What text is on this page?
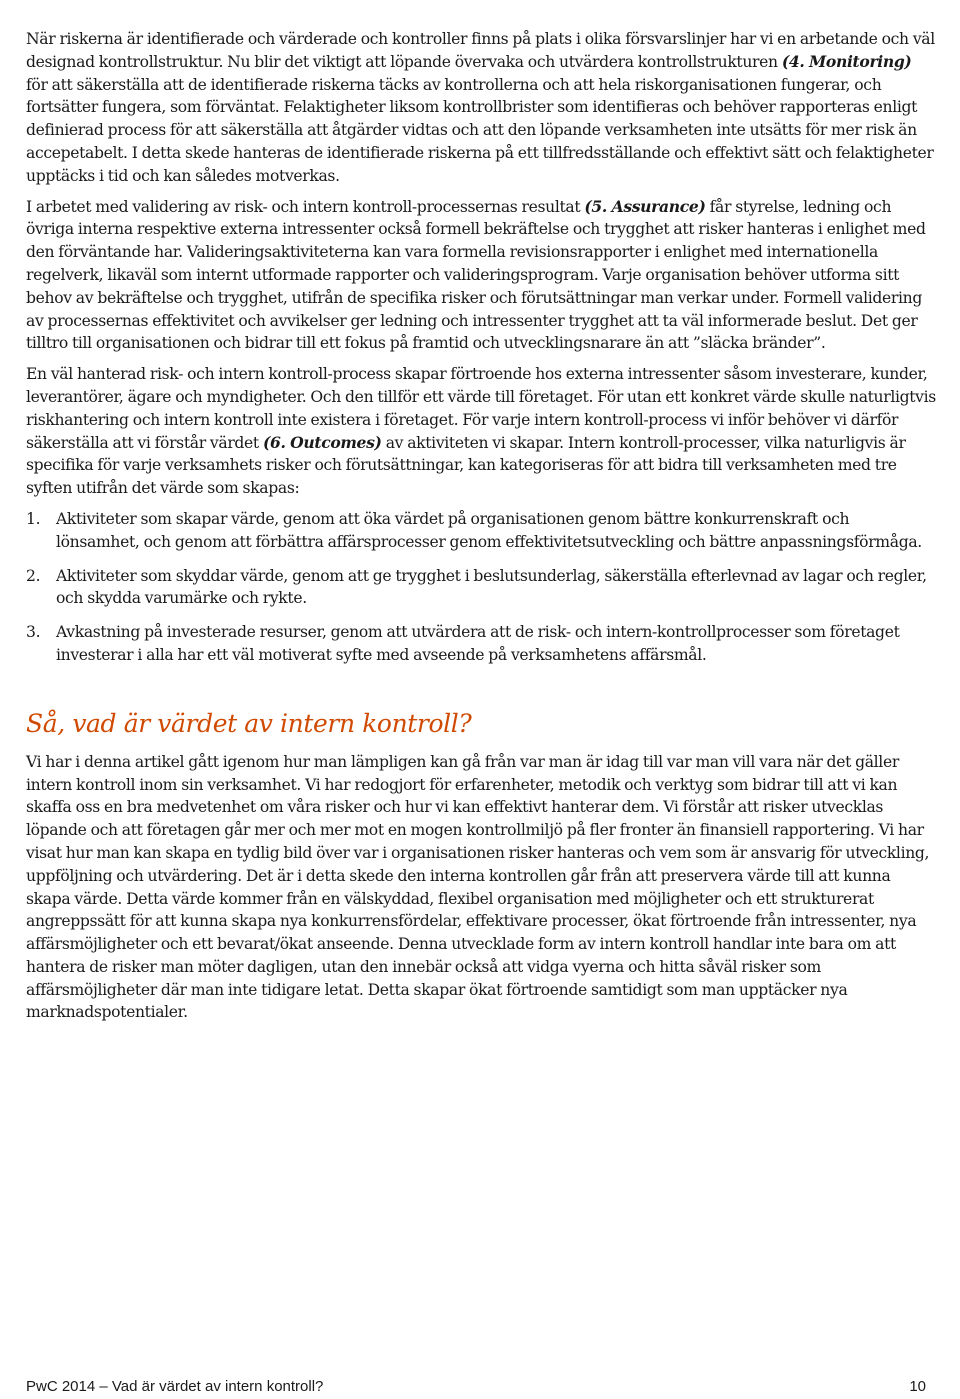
När riskerna är identifierade och värderade och kontroller finns på plats i olika försvarslinjer har vi en arbetande och väl designad kontrollstruktur. Nu blir det viktigt att löpande övervaka och utvärdera kontrollstrukturen (4. Monitoring) för att säkerställa att de identifierade riskerna täcks av kontrollerna och att hela riskorganisationen fungerar, och fortsätter fungera, som förväntat. Felaktigheter liksom kontrollbrister som identifieras och behöver rapporteras enligt definierad process för att säkerställa att åtgärder vidtas och att den löpande verksamheten inte utsätts för mer risk än accepetabelt. I detta skede hanteras de identifierade riskerna på ett tillfredsställande och effektivt sätt och felaktigheter upptäcks i tid och kan således motverkas.

I arbetet med validering av risk- och intern kontroll-processernas resultat (5. Assurance) får styrelse, ledning och övriga interna respektive externa intressenter också formell bekräftelse och trygghet att risker hanteras i enlighet med den förväntande har. Valideringsaktiviteterna kan vara formella revisionsrapporter i enlighet med internationella regelverk, likaväl som internt utformade rapporter och valideringsprogram. Varje organisation behöver utforma sitt behov av bekräftelse och trygghet, utifrån de specifika risker och förutsättningar man verkar under. Formell validering av processernas effektivitet och avvikelser ger ledning och intressenter trygghet att ta väl informerade beslut. Det ger tilltro till organisationen och bidrar till ett fokus på framtid och utvecklingsnarare än att ”släcka bränder”.

En väl hanterad risk- och intern kontroll-process skapar förtroende hos externa intressenter såsom investerare, kunder, leverantörer, ägare och myndigheter. Och den tillför ett värde till företaget. För utan ett konkret värde skulle naturligtvis riskhantering och intern kontroll inte existera i företaget. För varje intern kontroll-process vi inför behöver vi därför säkerställa att vi förstår värdet (6. Outcomes) av aktiviteten vi skapar. Intern kontroll-processer, vilka naturligvis är specifika för varje verksamhets risker och förutsättningar, kan kategoriseras för att bidra till verksamheten med tre syften utifrån det värde som skapas:

1. Aktiviteter som skapar värde, genom att öka värdet på organisationen genom bättre konkurrenskraft och lönsamhet, och genom att förbättra affärsprocesser genom effektivitetsutveckling och bättre anpassningsförmåga.
2. Aktiviteter som skyddar värde, genom att ge trygghet i beslutsunderlag, säkerställa efterlevnad av lagar och regler, och skydda varumärke och rykte.
3. Avkastning på investerade resurser, genom att utvärdera att de risk- och intern-kontrollprocesser som företaget investerar i alla har ett väl motiverat syfte med avseende på verksamhetens affärsmål.
Så, vad är värdet av intern kontroll?

Vi har i denna artikel gått igenom hur man lämpligen kan gå från var man är idag till var man vill vara när det gäller intern kontroll inom sin verksamhet. Vi har redogjort för erfarenheter, metodik och verktyg som bidrar till att vi kan skaffa oss en bra medvetenhet om våra risker och hur vi kan effektivt hanterar dem. Vi förstår att risker utvecklas löpande och att företagen går mer och mer mot en mogen kontrollmiljö på fler fronter än finansiell rapportering. Vi har visat hur man kan skapa en tydlig bild över var i organisationen risker hanteras och vem som är ansvarig för utveckling, uppföljning och utvärdering. Det är i detta skede den interna kontrollen går från att preservera värde till att kunna skapa värde. Detta värde kommer från en välskyddad, flexibel organisation med möjligheter och ett strukturerat angreppssätt för att kunna skapa nya konkurrensfördelar, effektivare processer, ökat förtroende från intressenter, nya affärsmöjligheter och ett bevarat/ökat anseende. Denna utvecklade form av intern kontroll handlar inte bara om att hantera de risker man möter dagligen, utan den innebär också att vidga vyerna och hitta såväl risker som affärsmöjligheter där man inte tidigare letat. Detta skapar ökat förtroende samtidigt som man upptäcker nya marknadspotentialer.

PwC 2014 – Vad är värdet av intern kontroll?	10
